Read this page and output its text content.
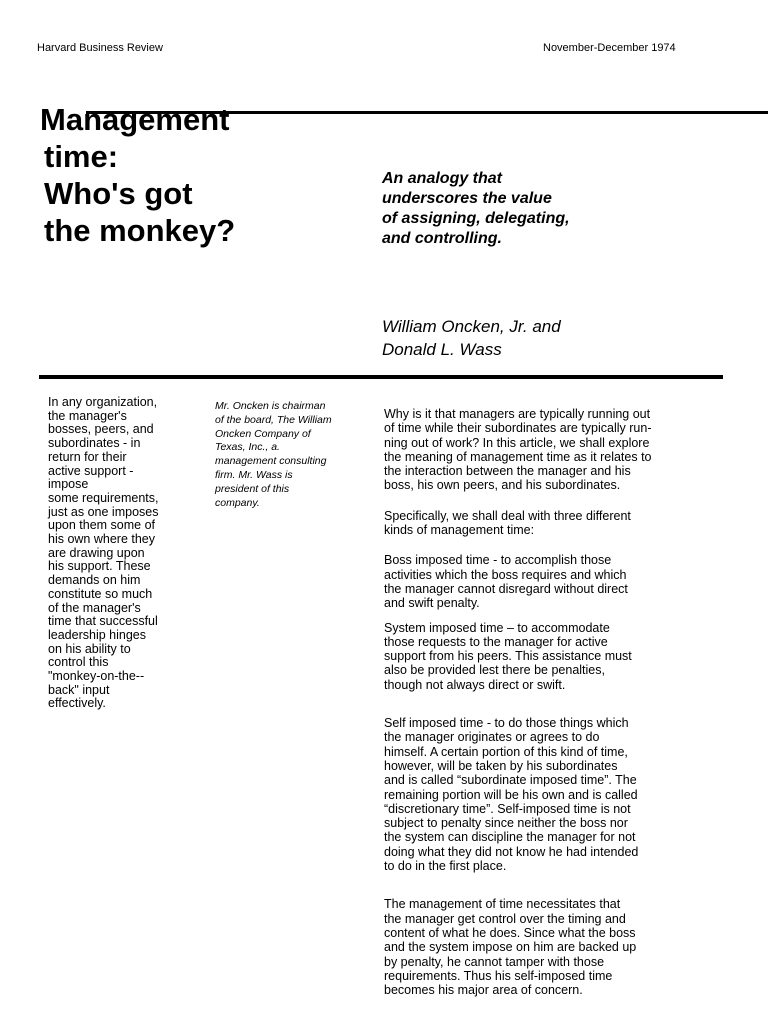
Harvard Business Review	November-December 1974
Management
time:
Who's got
the monkey?
An analogy that
underscores the value
of assigning, delegating,
and controlling.
William Oncken, Jr. and
Donald L. Wass
In any organization,
the manager's
bosses, peers, and
subordinates - in
return for their
active support -
impose
some requirements,
just as one imposes
upon them some of
his own where they
are drawing upon
his support. These
demands on him
constitute so much
of the manager's
time that successful
leadership hinges
on his ability to
control this
"monkey-on-the--
back" input
effectively.
Mr. Oncken is chairman
of the board, The William
Oncken Company of
Texas, Inc., a.
management consulting
firm. Mr. Wass is
president of this
company.

Why is it that managers are typically running out
of time while their subordinates are typically run-
ning out of work? In this article, we shall explore
the meaning of management time as it relates to
the interaction between the manager and his
boss, his own peers, and his subordinates.

Specifically, we shall deal with three different
kinds of management time:

Boss imposed time - to accomplish those
activities which the boss requires and which
the manager cannot disregard without direct
and swift penalty.

System imposed time – to accommodate
those requests to the manager for active
support from his peers. This assistance must
also be provided lest there be penalties,
though not always direct or swift.

Self imposed time - to do those things which
the manager originates or agrees to do
himself. A certain portion of this kind of time,
however, will be taken by his subordinates
and is called “subordinate imposed time”. The
remaining portion will be his own and is called
“discretionary time”. Self-imposed time is not
subject to penalty since neither the boss nor
the system can discipline the manager for not
doing what they did not know he had intended
to do in the first place.

The management of time necessitates that
the manager get control over the timing and
content of what he does. Since what the boss
and the system impose on him are backed up
by penalty, he cannot tamper with those
requirements. Thus his self-imposed time
becomes his major area of concern.
